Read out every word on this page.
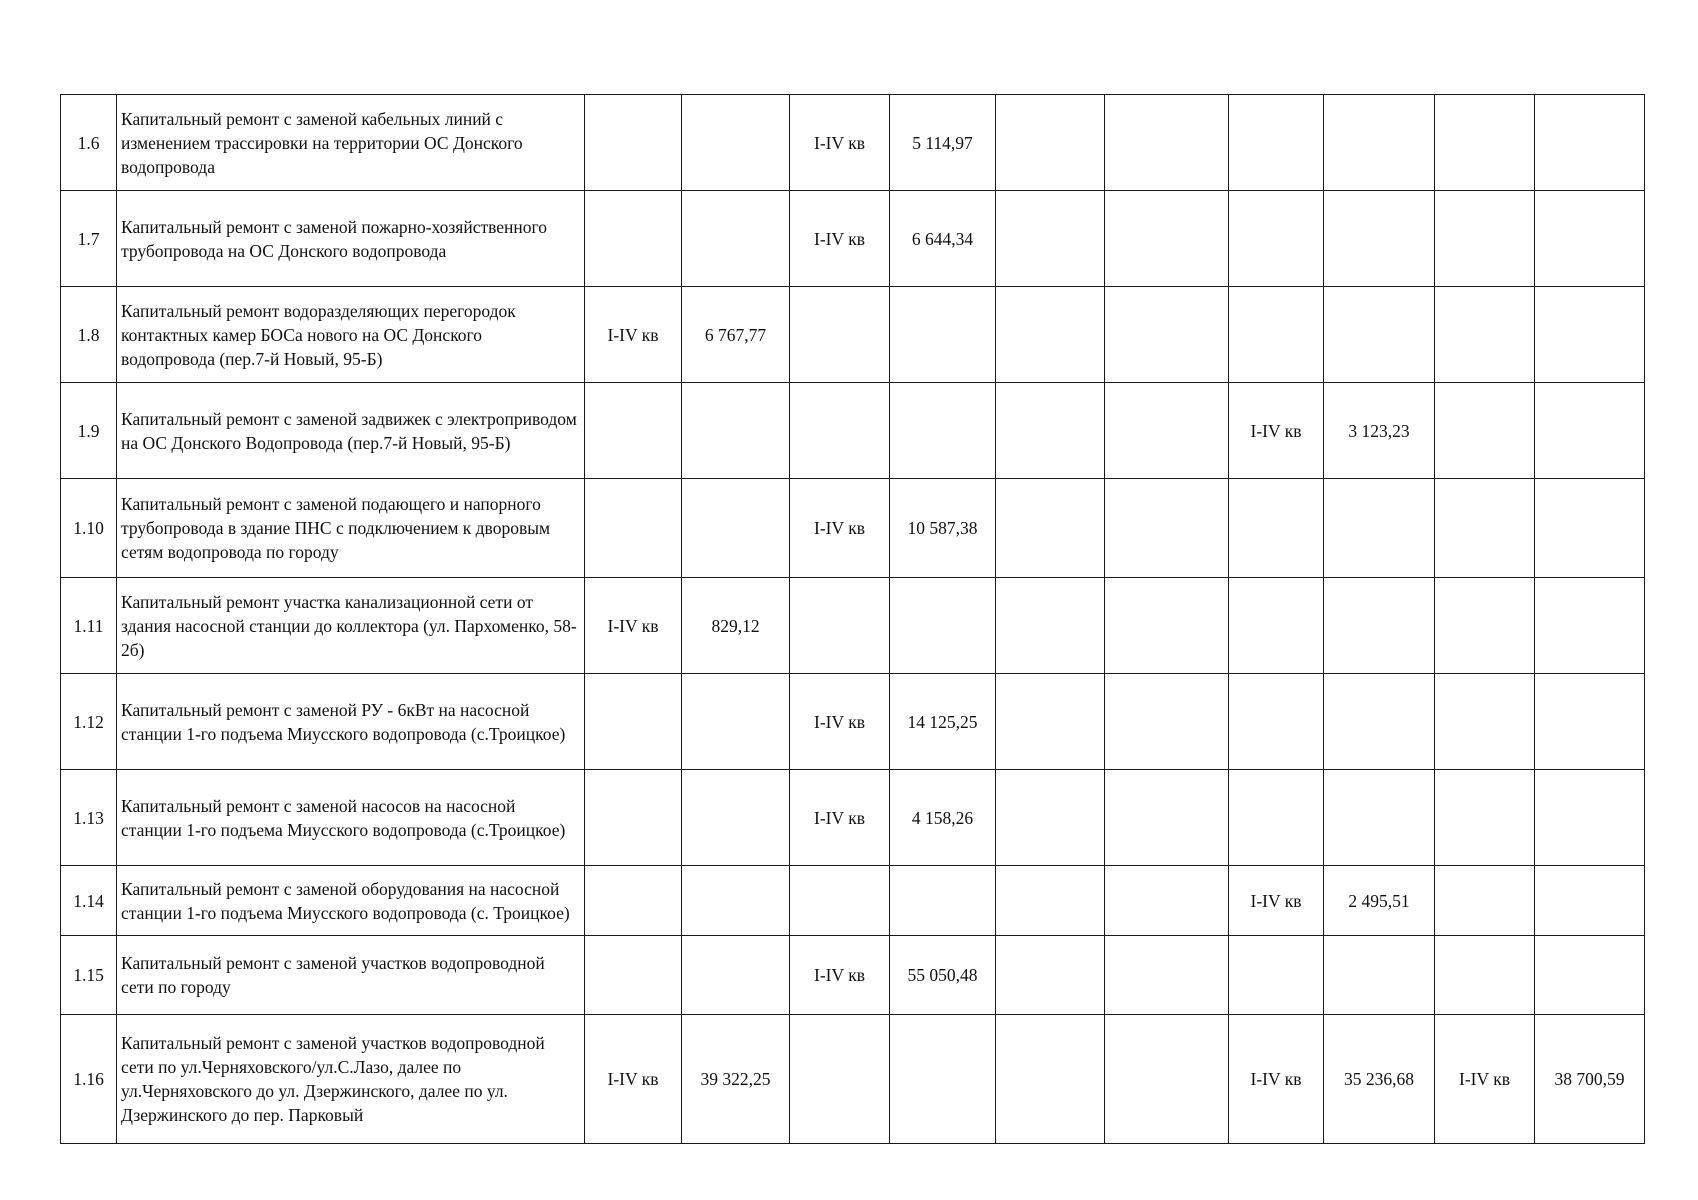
1.6	Капитальный ремонт с заменой кабельных линий с изменением трассировки на территории ОС Донского водопровода			I-IV кв	5 114,97						
1.7	Капитальный ремонт с заменой пожарно-хозяйственного трубопровода на ОС Донского водопровода			I-IV кв	6 644,34						
1.8	Капитальный ремонт водоразделяющих перегородок контактных камер БОСа нового на ОС Донского водопровода (пер.7-й Новый, 95-Б)	I-IV кв	6 767,77								
1.9	Капитальный ремонт с заменой задвижек с электроприводом на ОС Донского Водопровода (пер.7-й Новый, 95-Б)							I-IV кв	3 123,23		
1.10	Капитальный ремонт с заменой подающего и напорного трубопровода в здание ПНС с подключением к дворовым сетям водопровода по городу			I-IV кв	10 587,38						
1.11	Капитальный ремонт участка канализационной сети от здания насосной станции до коллектора (ул. Пархоменко, 58-2б)	I-IV кв	829,12								
1.12	Капитальный ремонт с заменой РУ - 6кВт на насосной станции 1-го подъема Миусского водопровода (с.Троицкое)			I-IV кв	14 125,25						
1.13	Капитальный ремонт с заменой насосов на насосной станции 1-го подъема Миусского водопровода (с.Троицкое)			I-IV кв	4 158,26						
1.14	Капитальный ремонт с заменой оборудования на насосной станции 1-го подъема Миусского водопровода (с. Троицкое)							I-IV кв	2 495,51		
1.15	Капитальный ремонт с заменой участков водопроводной сети по городу			I-IV кв	55 050,48						
1.16	Капитальный ремонт с заменой участков водопроводной сети по ул.Черняховского/ул.С.Лазо, далее по ул.Черняховского до ул. Дзержинского, далее по ул. Дзержинского до пер. Парковый	I-IV кв	39 322,25					I-IV кв	35 236,68	I-IV кв	38 700,59
